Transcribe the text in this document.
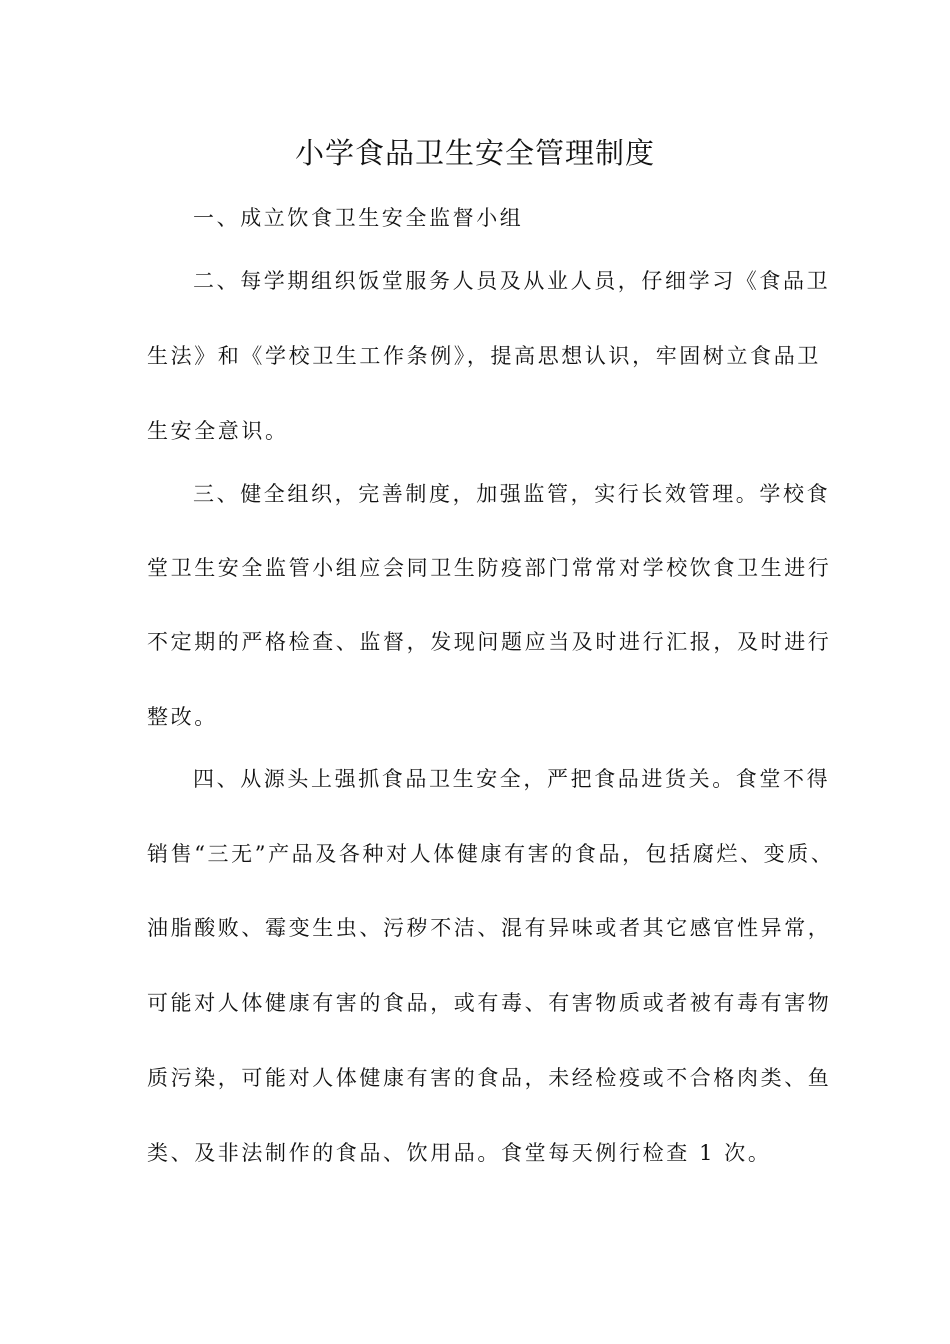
小学食品卫生安全管理制度
一、成立饮食卫生安全监督小组
二、每学期组织饭堂服务人员及从业人员，仔细学习《食品卫
生法》和《学校卫生工作条例》，提高思想认识，牢固树立食品卫
生安全意识。
三、健全组织，完善制度，加强监管，实行长效管理。学校食
堂卫生安全监管小组应会同卫生防疫部门常常对学校饮食卫生进行
不定期的严格检查、监督，发现问题应当及时进行汇报，及时进行
整改。
四、从源头上强抓食品卫生安全，严把食品进货关。食堂不得
销售“三无”产品及各种对人体健康有害的食品，包括腐烂、变质、
油脂酸败、霉变生虫、污秽不洁、混有异味或者其它感官性异常，
可能对人体健康有害的食品，或有毒、有害物质或者被有毒有害物
质污染，可能对人体健康有害的食品，未经检疫或不合格肉类、鱼
类、及非法制作的食品、饮用品。食堂每天例行检查 1 次。
